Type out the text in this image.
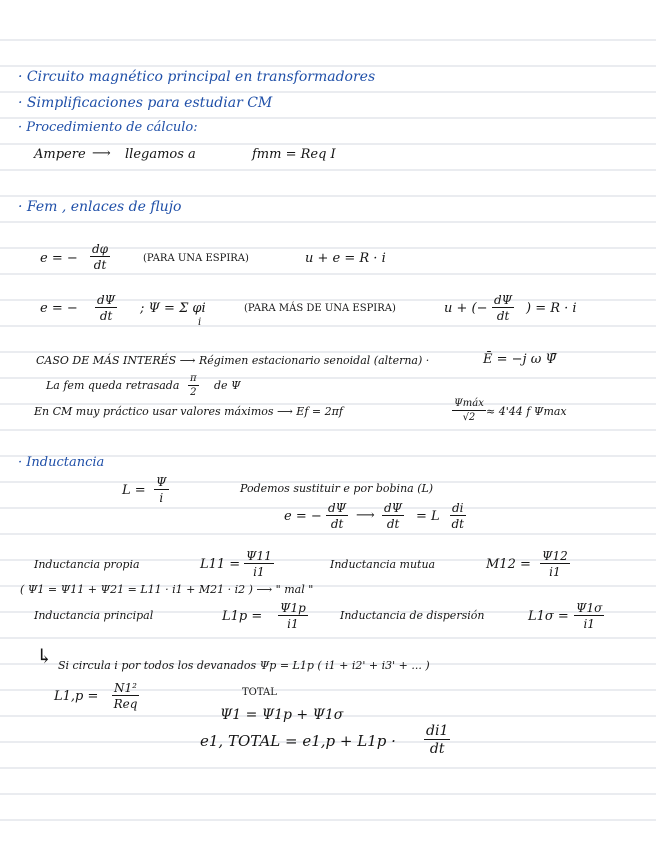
· Circuito magnético principal en transformadores
· Simplificaciones para estudiar CM
· Procedimiento de cálculo:
Ampere ⟶ llegamos a	fmm = Req I
· Fem , enlaces de flujo
e = − $\frac{d\varphi}{dt}$	(PARA UNA ESPIRA)	u + e = R · i
e = − $\frac{d\Psi}{dt}$ ; Ψ = Σ φi
i
(PARA MÁS DE UNA ESPIRA)	u + (− $\frac{d\Psi}{dt}$ ) = R · i
CASO DE MÁS INTERÉS ⟶ Régimen estacionario senoidal (alterna) ·	Ē = −j ω Ψ̄
La fem queda retrasada $\frac{\pi}{2}$ de Ψ
En CM muy práctico usar valores máximos ⟶ Ef = 2πf
Ψmáx
√2 ≈ 4'44 f Ψmax
· Inductancia
$L = \frac{\Psi}{i}$	Podemos sustituir e por bobina (L)
e = − $\frac{d\Psi}{dt}$ ⟶ $\frac{d\Psi}{dt} = L \frac{di}{dt}$
Inductancia propia	$L11 = \frac{\Psi 11}{i1}$	Inductancia mutua	$M12 = \frac{\Psi 12}{i1}$
( Ψ1 = Ψ11 + Ψ21 = L11 · i1 + M21 · i2 ) ⟶ " mal "
Inductancia principal	$L1p = \frac{\Psi 1p}{i1}$	Inductancia de dispersión	$L1\sigma = \frac{\Psi 1\sigma}{i1}$
↳ Si circula i por todos los devanados Ψp = L1p ( i1 + i2' + i3' + ... )
L1,p =
N1²
Req
TOTAL
Ψ1 = Ψ1p + Ψ1σ
e1, TOTAL = $e1,p + L1p \cdot \frac{di1}{dt}$
